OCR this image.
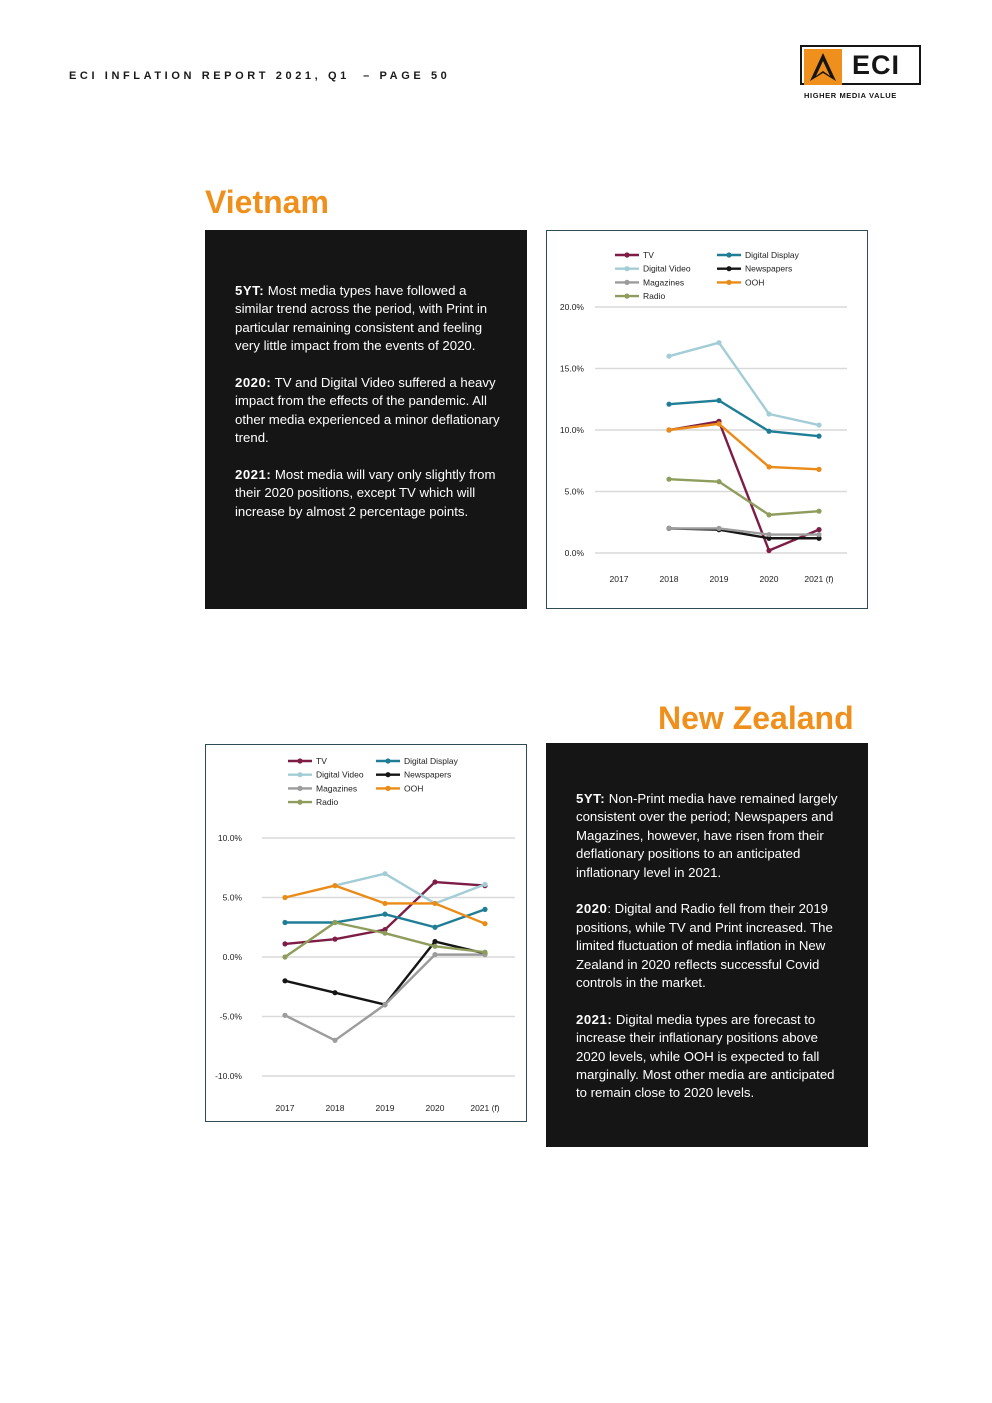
ECI INFLATION REPORT 2021, Q1  – PAGE 50	ECI
HIGHER MEDIA VALUE
Vietnam

5YT: Most media types have followed a similar trend across the period, with Print in particular remaining consistent and feeling very little impact from the events of 2020.

2020: TV and Digital Video suffered a heavy impact from the effects of the pandemic. All other media experienced a minor deflationary trend.

2021: Most media will vary only slightly from their 2020 positions, except TV which will increase by almost 2 percentage points.

0.0%
5.0%
10.0%
15.0%
20.0%
2017	2018	2019	2020	2021 (f)
TV	Digital Display
Digital Video	Newspapers
Magazines	OOH
Radio
New Zealand
-10.0%
-5.0%
0.0%
5.0%
10.0%
2017	2018	2019	2020	2021 (f)
TV	Digital Display
Digital Video	Newspapers
Magazines	OOH
Radio	5YT: Non-Print media have remained largely consistent over the period; Newspapers and Magazines, however, have risen from their deflationary positions to an anticipated inflationary level in 2021.

2020: Digital and Radio fell from their 2019 positions, while TV and Print increased. The limited fluctuation of media inflation in New Zealand in 2020 reflects successful Covid controls in the market.

2021: Digital media types are forecast to increase their inflationary positions above 2020 levels, while OOH is expected to fall marginally. Most other media are anticipated to remain close to 2020 levels.
